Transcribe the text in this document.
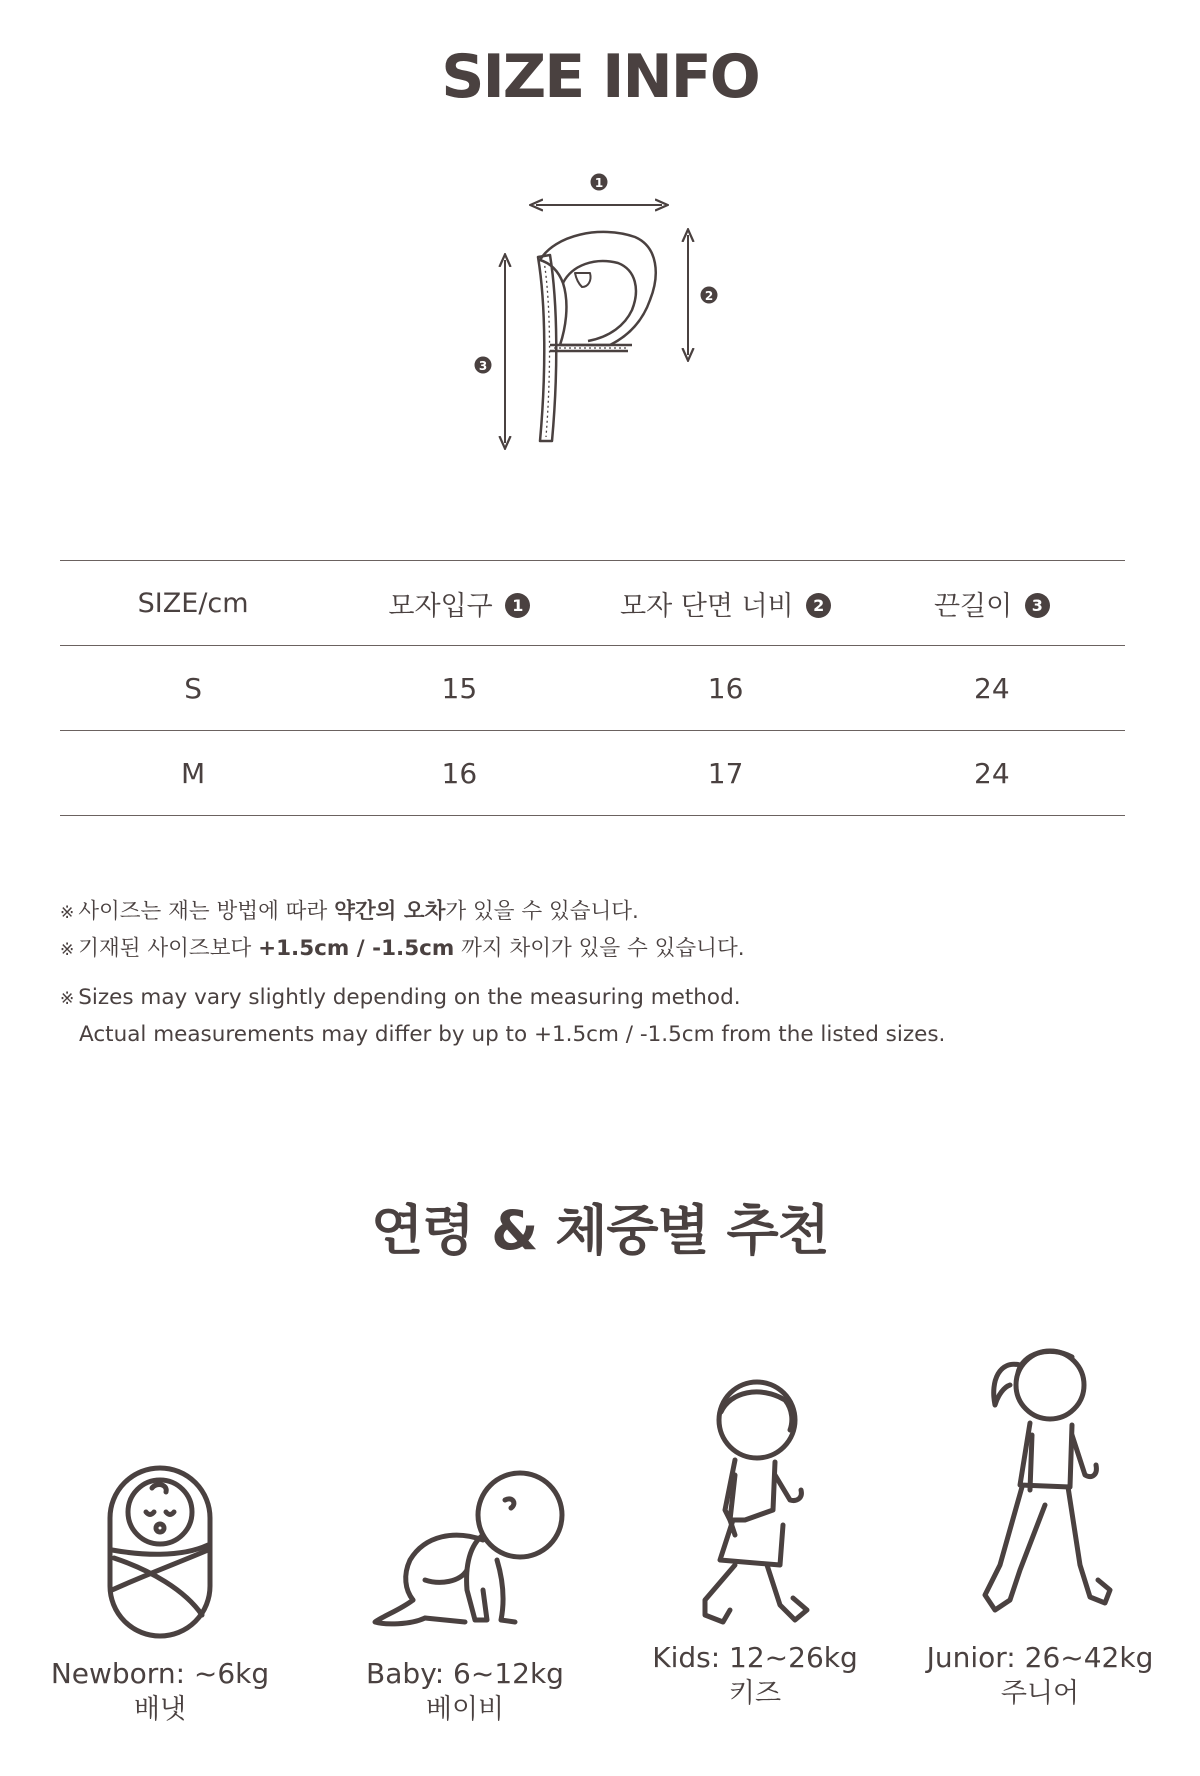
SIZE INFO
1
2
3
SIZE/cm	모자입구 1	모자 단면 너비 2	끈길이 3
S	15	16	24
M	16	17	24
※ 사이즈는 재는 방법에 따라 약간의 오차가 있을 수 있습니다.
※ 기재된 사이즈보다 +1.5cm / -1.5cm 까지 차이가 있을 수 있습니다.
※ Sizes may vary slightly depending on the measuring method.
Actual measurements may differ by up to +1.5cm / -1.5cm from the listed sizes.
연령 & 체중별 추천
Newborn: ~6kg
배냇
Baby: 6~12kg
베이비
Kids: 12~26kg
키즈
Junior: 26~42kg
주니어
